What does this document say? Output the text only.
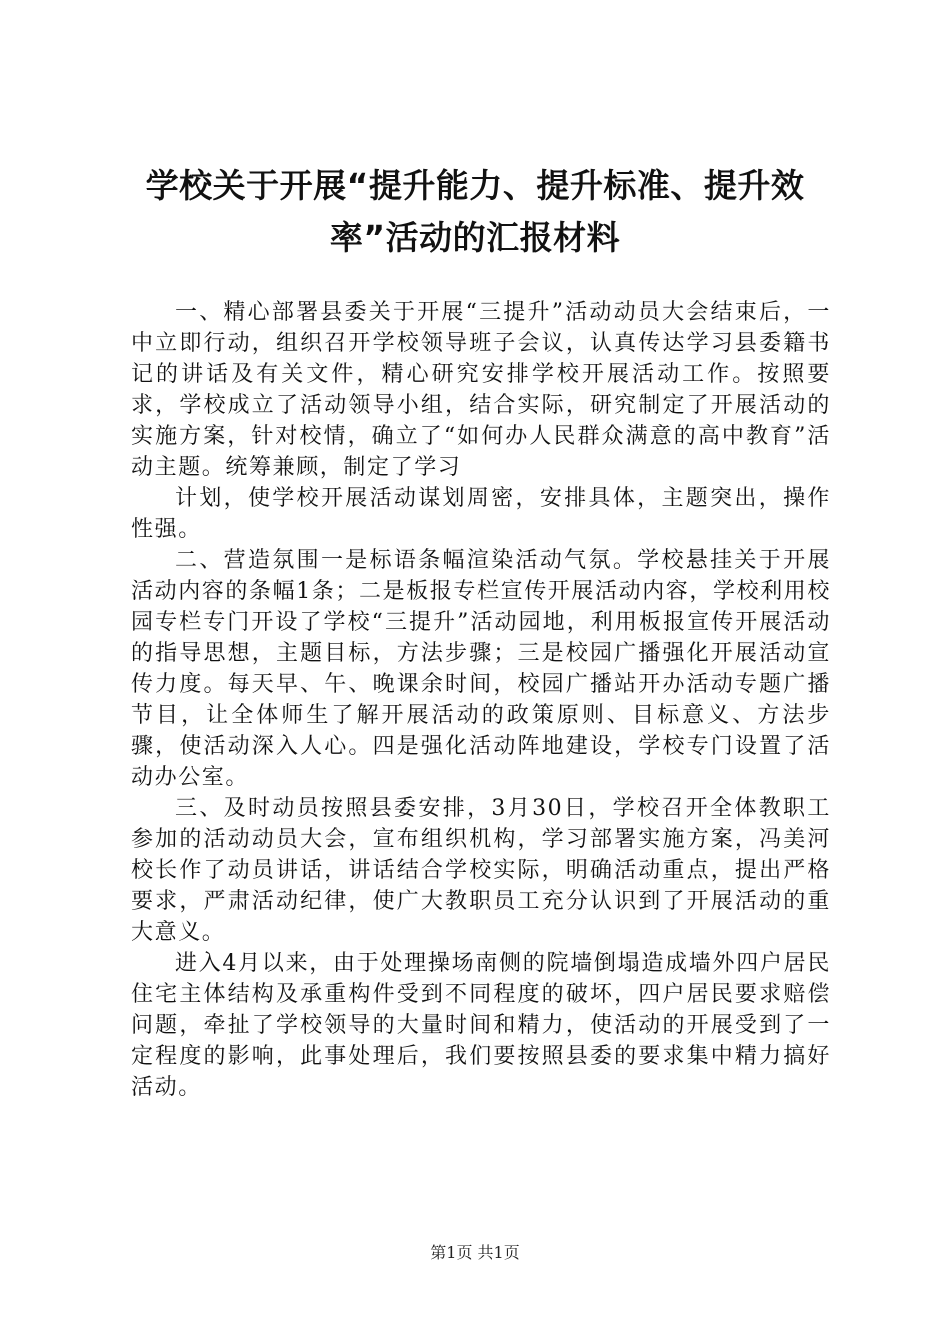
学校关于开展“提升能力、提升标准、提升效率”活动的汇报材料

一、精心部署县委关于开展“三提升”活动动员大会结束后，一中立即行动，组织召开学校领导班子会议，认真传达学习县委籍书记的讲话及有关文件，精心研究安排学校开展活动工作。按照要求，学校成立了活动领导小组，结合实际，研究制定了开展活动的实施方案，针对校情，确立了“如何办人民群众满意的高中教育”活动主题。统筹兼顾，制定了学习

计划，使学校开展活动谋划周密，安排具体，主题突出，操作性强。

二、营造氛围一是标语条幅渲染活动气氛。学校悬挂关于开展活动内容的条幅1条；二是板报专栏宣传开展活动内容，学校利用校园专栏专门开设了学校“三提升”活动园地，利用板报宣传开展活动的指导思想，主题目标，方法步骤；三是校园广播强化开展活动宣传力度。每天早、午、晚课余时间，校园广播站开办活动专题广播节目，让全体师生了解开展活动的政策原则、目标意义、方法步骤，使活动深入人心。四是强化活动阵地建设，学校专门设置了活动办公室。

三、及时动员按照县委安排，3月30日，学校召开全体教职工参加的活动动员大会，宣布组织机构，学习部署实施方案，冯美河校长作了动员讲话，讲话结合学校实际，明确活动重点，提出严格要求，严肃活动纪律，使广大教职员工充分认识到了开展活动的重大意义。

进入4月以来，由于处理操场南侧的院墙倒塌造成墙外四户居民住宅主体结构及承重构件受到不同程度的破坏，四户居民要求赔偿问题，牵扯了学校领导的大量时间和精力，使活动的开展受到了一定程度的影响，此事处理后，我们要按照县委的要求集中精力搞好活动。

第1页 共1页
